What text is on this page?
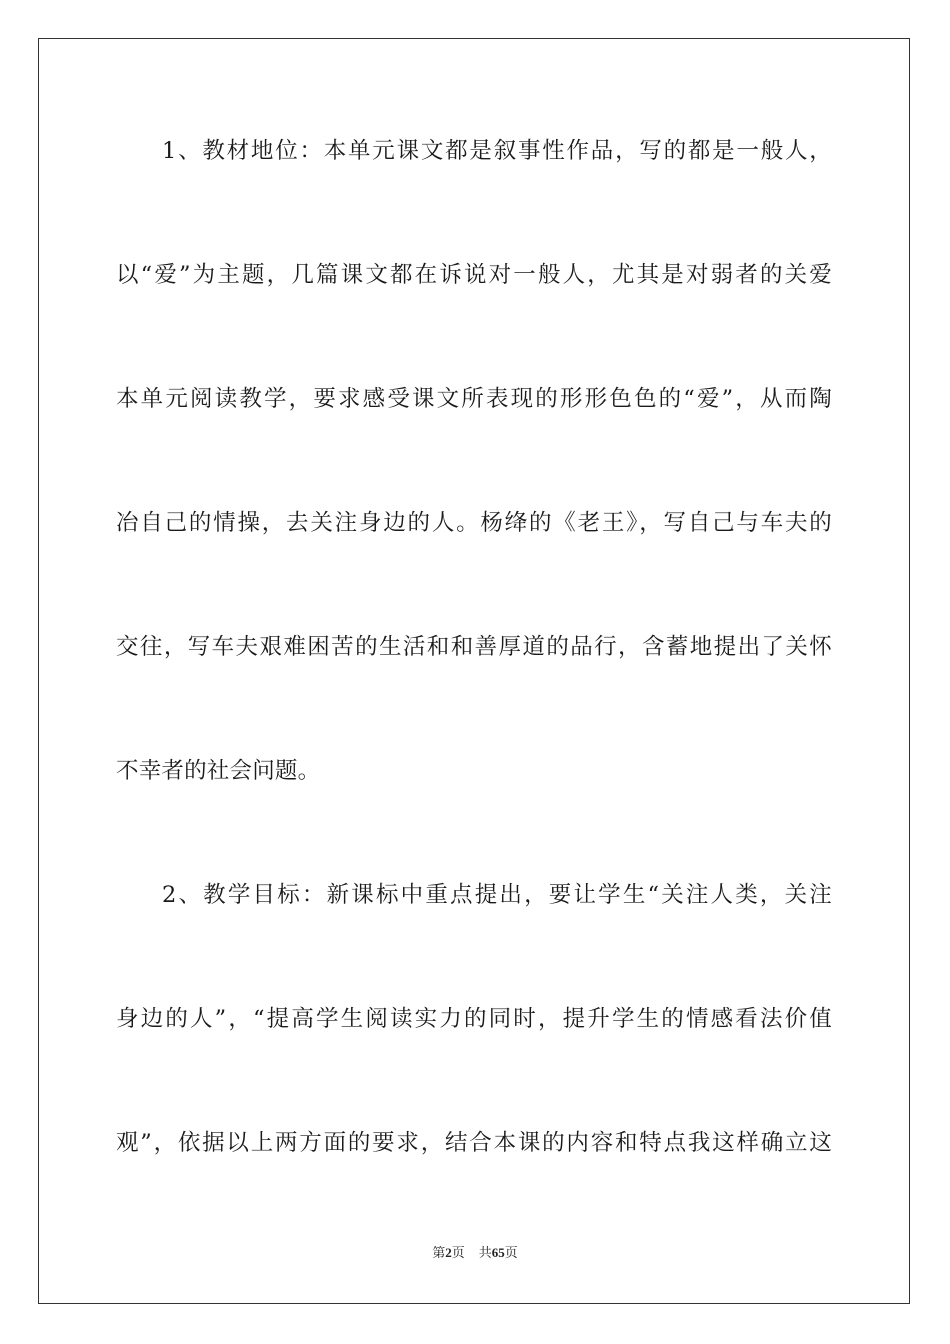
1、教材地位：本单元课文都是叙事性作品，写的都是一般人，
以“爱”为主题，几篇课文都在诉说对一般人，尤其是对弱者的关爱
本单元阅读教学，要求感受课文所表现的形形色色的“爱”，从而陶
冶自己的情操，去关注身边的人。杨绛的《老王》，写自己与车夫的
交往，写车夫艰难困苦的生活和和善厚道的品行，含蓄地提出了关怀
不幸者的社会问题。
2、教学目标：新课标中重点提出，要让学生“关注人类，关注
身边的人”，“提高学生阅读实力的同时，提升学生的情感看法价值
观”，依据以上两方面的要求，结合本课的内容和特点我这样确立这
第2页 共65页
